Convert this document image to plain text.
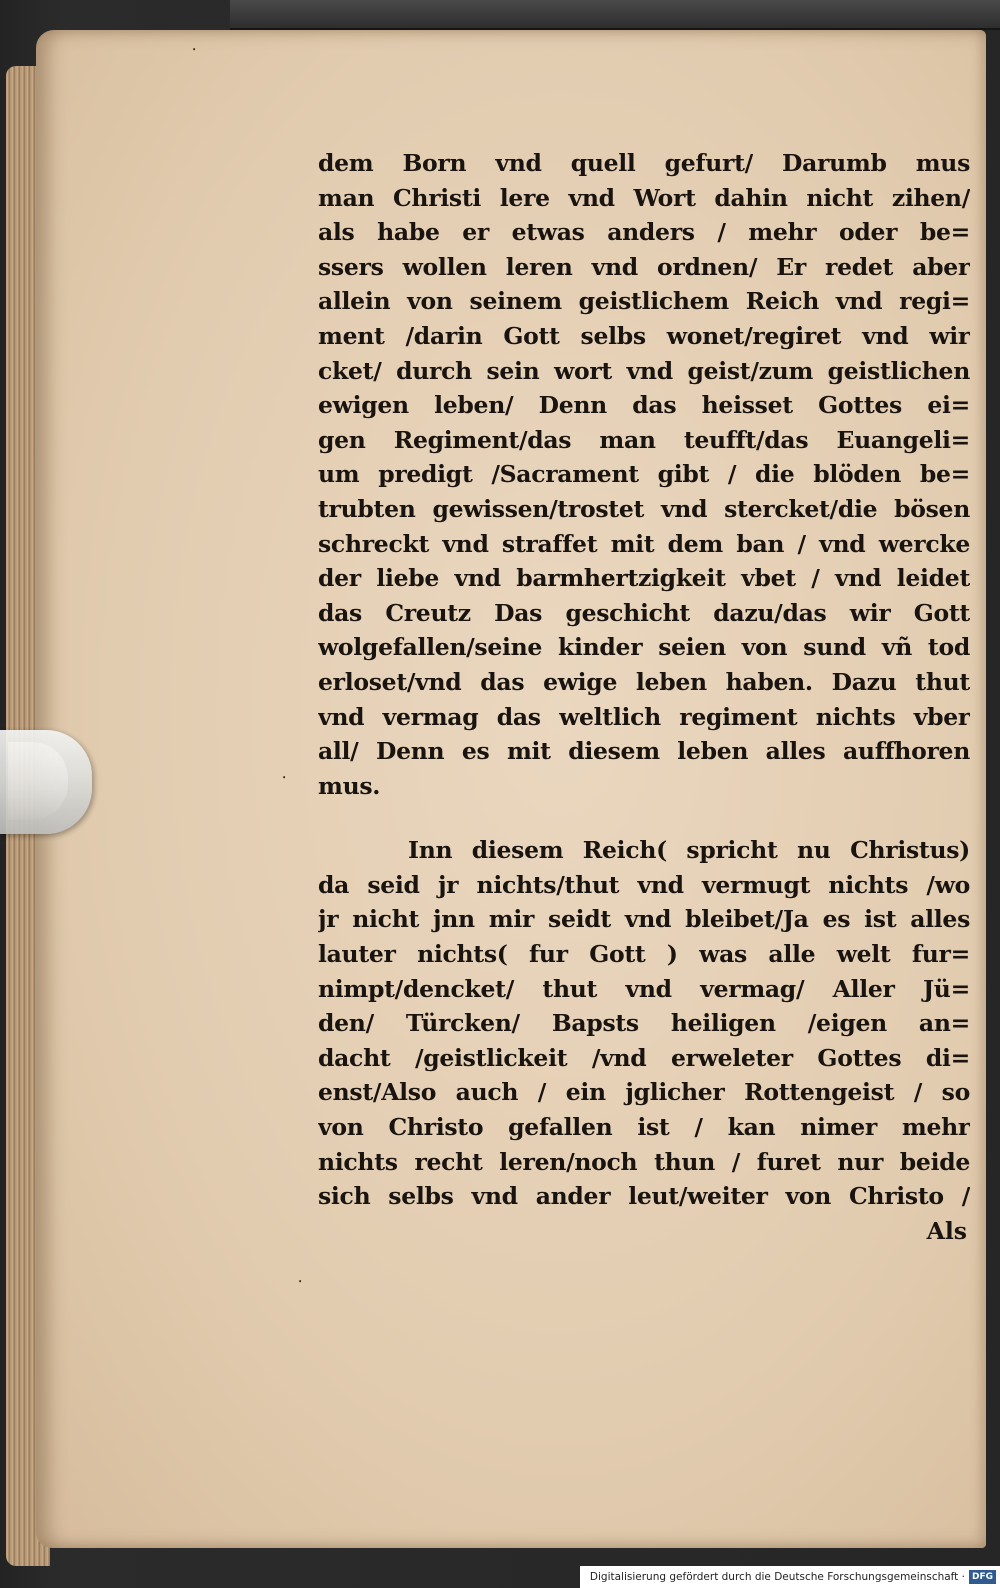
⸱
⸱
⸱
dem Born vnd quell gefurt/ Darumb mus
man Christi lere vnd Wort dahin nicht zihen/
als habe er etwas anders / mehr oder be=
ssers wollen leren vnd ordnen/ Er redet aber
allein von seinem geistlichem Reich vnd regi=
ment /darin Gott selbs wonet/regiret vnd wir
cket/ durch sein wort vnd geist/zum geistlichen
ewigen leben/ Denn das heisset Gottes ei=
gen Regiment/das man teufft/das Euangeli=
um predigt /Sacrament gibt / die blöden be=
trubten gewissen/trostet vnd stercket/die bösen
schreckt vnd straffet mit dem ban / vnd wercke
der liebe vnd barmhertzigkeit vbet / vnd leidet
das Creutz Das geschicht dazu/das wir Gott
wolgefallen/seine kinder seien von sund vñ tod
erloset/vnd das ewige leben haben. Dazu thut
vnd vermag das weltlich regiment nichts vber
all/ Denn es mit diesem leben alles auffhoren
mus.
Inn diesem Reich( spricht nu Christus)
da seid jr nichts/thut vnd vermugt nichts /wo
jr nicht jnn mir seidt vnd bleibet/Ja es ist alles
lauter nichts( fur Gott ) was alle welt fur=
nimpt/dencket/ thut vnd vermag/ Aller Jü=
den/ Türcken/ Bapsts heiligen /eigen an=
dacht /geistlickeit /vnd erweleter Gottes di=
enst/Also auch / ein jglicher Rottengeist / so
von Christo gefallen ist / kan nimer mehr
nichts recht leren/noch thun / furet nur beide
sich selbs vnd ander leut/weiter von Christo /
Als
Digitalisierung gefördert durch die Deutsche Forschungsgemeinschaft · DFG
